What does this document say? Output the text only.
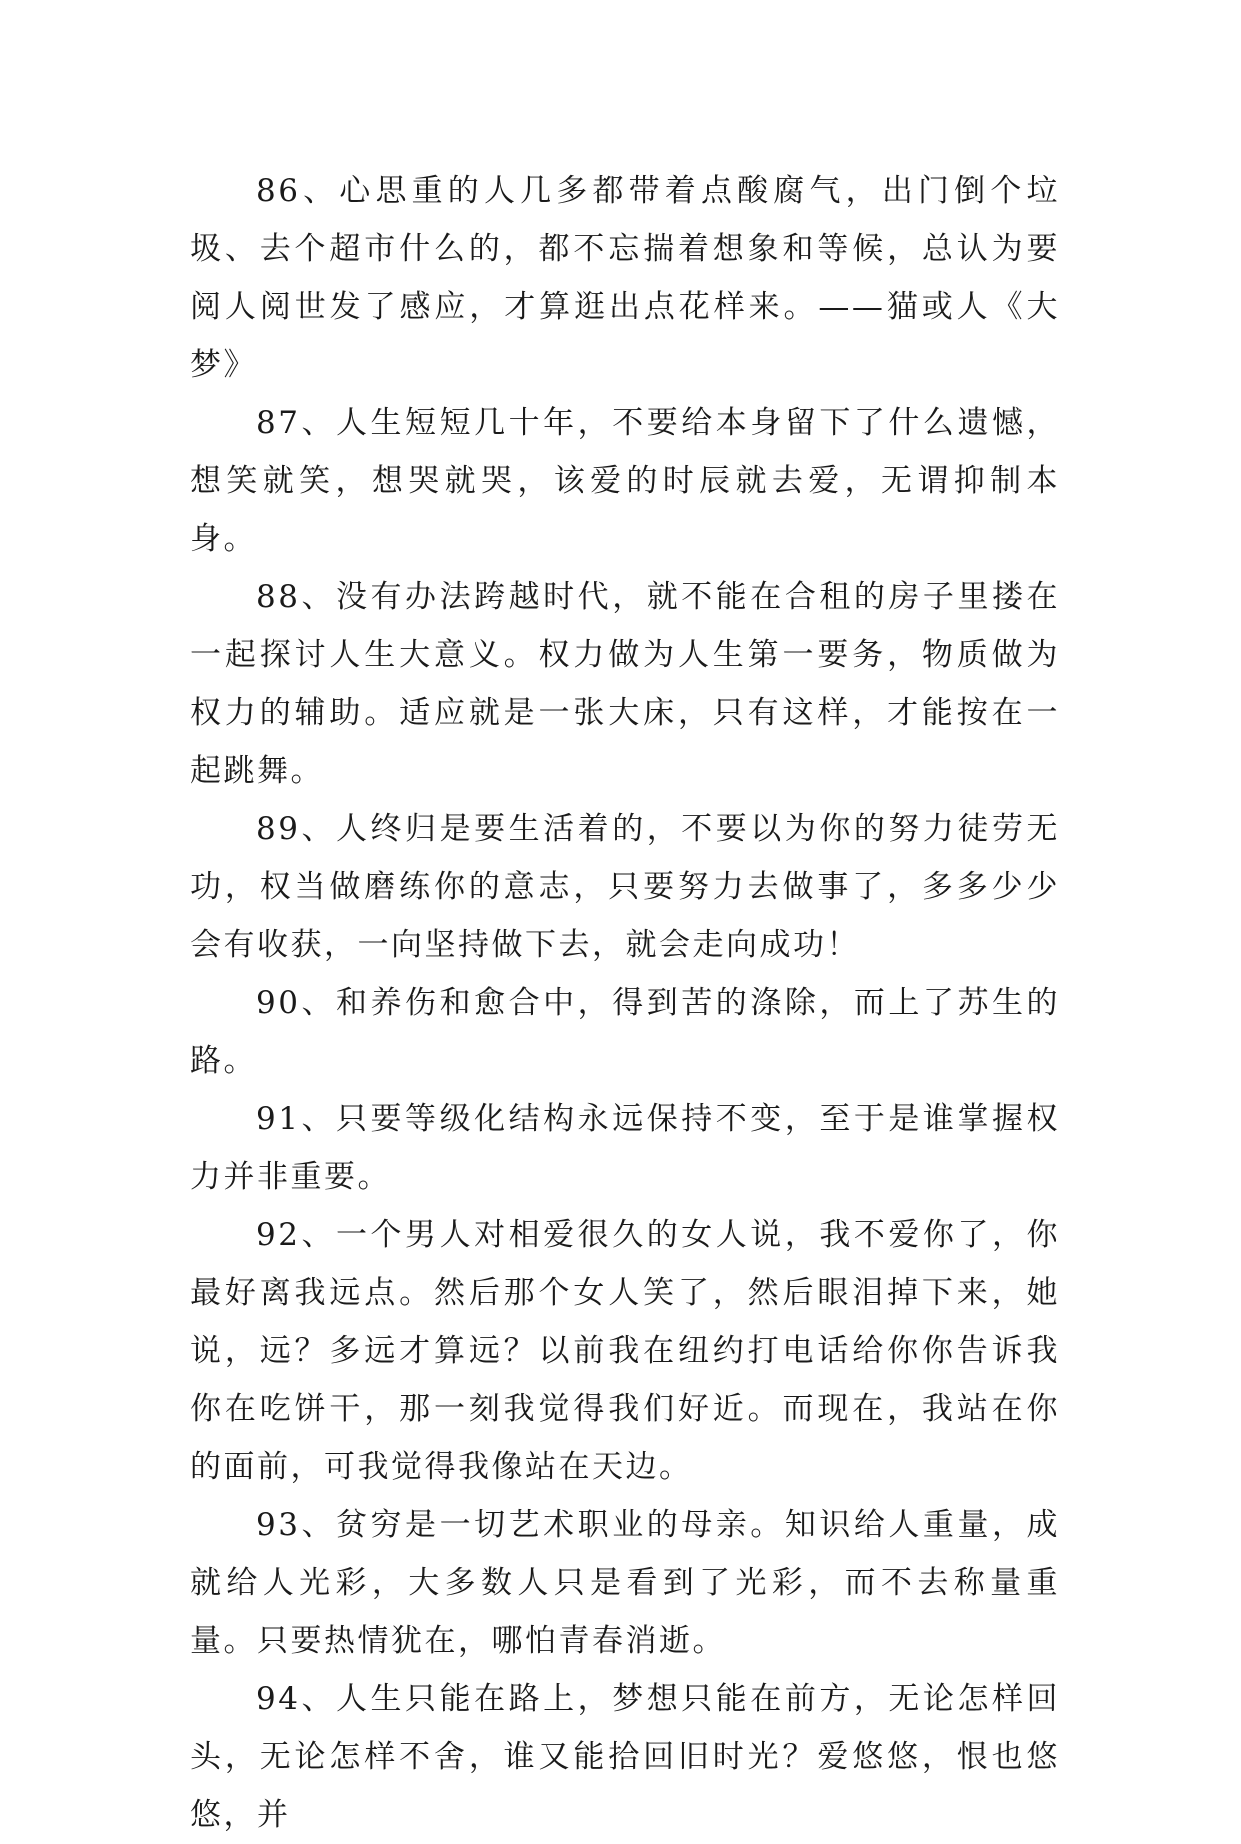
86、心思重的人几多都带着点酸腐气，出门倒个垃圾、去个超市什么的，都不忘揣着想象和等候，总认为要阅人阅世发了感应，才算逛出点花样来。——猫或人《大梦》

87、人生短短几十年，不要给本身留下了什么遗憾，想笑就笑，想哭就哭，该爱的时辰就去爱，无谓抑制本身。

88、没有办法跨越时代，就不能在合租的房子里搂在一起探讨人生大意义。权力做为人生第一要务，物质做为权力的辅助。适应就是一张大床，只有这样，才能按在一起跳舞。

89、人终归是要生活着的，不要以为你的努力徒劳无功，权当做磨练你的意志，只要努力去做事了，多多少少会有收获，一向坚持做下去，就会走向成功！

90、和养伤和愈合中，得到苦的涤除，而上了苏生的路。

91、只要等级化结构永远保持不变，至于是谁掌握权力并非重要。

92、一个男人对相爱很久的女人说，我不爱你了，你最好离我远点。然后那个女人笑了，然后眼泪掉下来，她说，远？多远才算远？以前我在纽约打电话给你你告诉我你在吃饼干，那一刻我觉得我们好近。而现在，我站在你的面前，可我觉得我像站在天边。

93、贫穷是一切艺术职业的母亲。知识给人重量，成就给人光彩，大多数人只是看到了光彩，而不去称量重量。只要热情犹在，哪怕青春消逝。

94、人生只能在路上，梦想只能在前方，无论怎样回头，无论怎样不舍，谁又能拾回旧时光？爱悠悠，恨也悠悠，并
